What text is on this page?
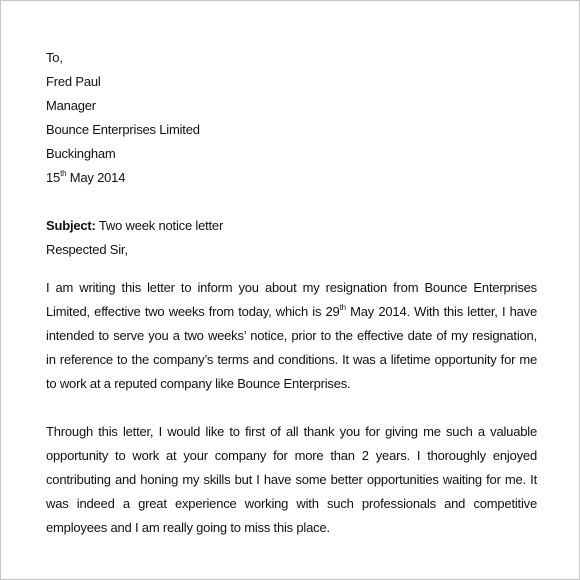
To,
Fred Paul
Manager
Bounce Enterprises Limited
Buckingham
15th May 2014
Subject: Two week notice letter
Respected Sir,
I am writing this letter to inform you about my resignation from Bounce Enterprises Limited, effective two weeks from today, which is 29th May 2014. With this letter, I have intended to serve you a two weeks’ notice, prior to the effective date of my resignation, in reference to the company’s terms and conditions. It was a lifetime opportunity for me to work at a reputed company like Bounce Enterprises.
Through this letter, I would like to first of all thank you for giving me such a valuable opportunity to work at your company for more than 2 years. I thoroughly enjoyed contributing and honing my skills but I have some better opportunities waiting for me. It was indeed a great experience working with such professionals and competitive employees and I am really going to miss this place.
